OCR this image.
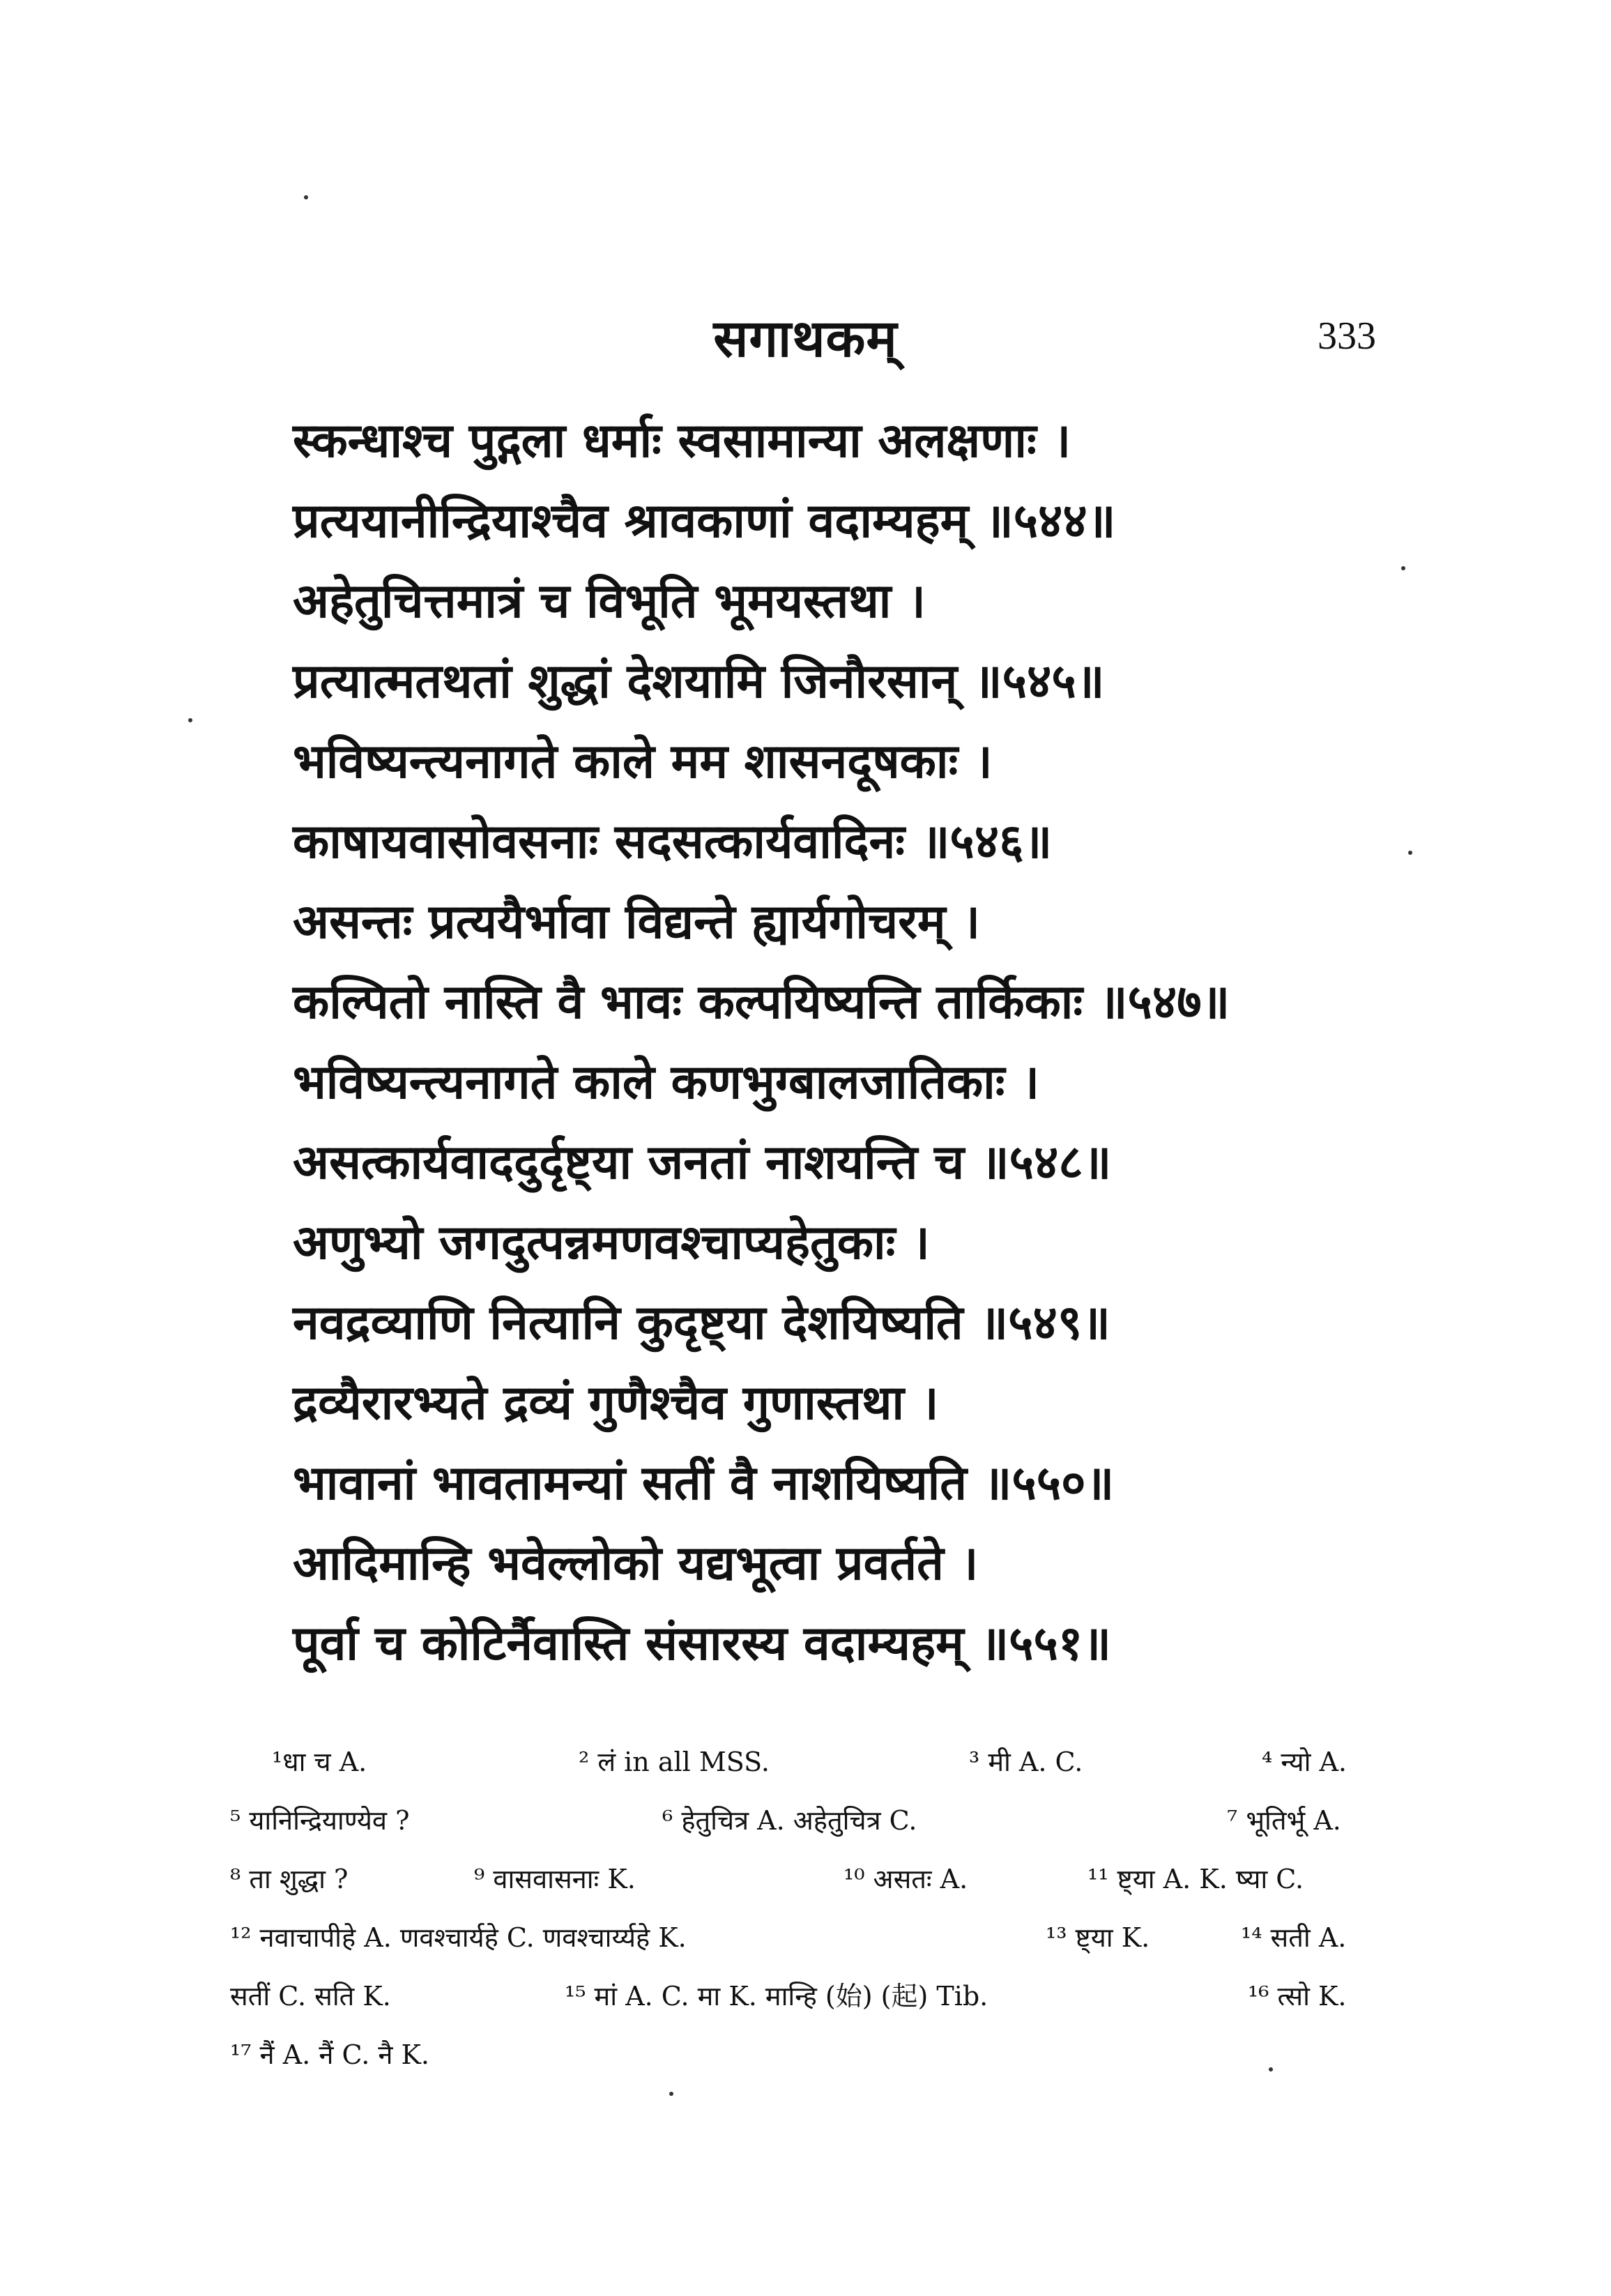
सगाथकम्	333
स्कन्धाश्च पुद्गला धर्माः स्वसामान्या अलक्षणाः ।
प्रत्ययानीन्द्रियाश्चैव श्रावकाणां वदाम्यहम् ॥५४४॥
अहेतुचित्तमात्रं च विभूति भूमयस्तथा ।
प्रत्यात्मतथतां शुद्धां देशयामि जिनौरसान् ॥५४५॥
भविष्यन्त्यनागते काले मम शासनदूषकाः ।
काषायवासोवसनाः सदसत्कार्यवादिनः ॥५४६॥
असन्तः प्रत्ययैर्भावा विद्यन्ते ह्यार्यगोचरम् ।
कल्पितो नास्ति वै भावः कल्पयिष्यन्ति तार्किकाः ॥५४७॥
भविष्यन्त्यनागते काले कणभुग्बालजातिकाः ।
असत्कार्यवाददुर्दृष्ट्या जनतां नाशयन्ति च ॥५४८॥
अणुभ्यो जगदुत्पन्नमणवश्चाप्यहेतुकाः ।
नवद्रव्याणि नित्यानि कुदृष्ट्या देशयिष्यति ॥५४९॥
द्रव्यैरारभ्यते द्रव्यं गुणैश्चैव गुणास्तथा ।
भावानां भावतामन्यां सतीं वै नाशयिष्यति ॥५५०॥
आदिमान्हि भवेल्लोको यद्यभूत्वा प्रवर्तते ।
पूर्वा च कोटिर्नैवास्ति संसारस्य वदाम्यहम् ॥५५१॥
¹धा च A.	² लं in all MSS.	³ मी A. C.	⁴ न्यो A.
⁵ यानिन्द्रियाण्येव ?	⁶ हेतुचित्र A. अहेतुचित्र C.	⁷ भूतिर्भू A.
⁸ ता शुद्धा ?	⁹ वासवासनाः K.	¹⁰ असतः A.	¹¹ ष्ट्या A. K. ष्या C.
¹² नवाचापीहे A. णवश्चार्यहे C. णवश्चार्य्यहे K.	¹³ ष्ट्या K.	¹⁴ सती A.
सतीं C. सति K.	¹⁵ मां A. C. मा K. मान्हि (始) (起) Tib.	¹⁶ त्सो K.
¹⁷ नैं A. नैं C. नै K.
